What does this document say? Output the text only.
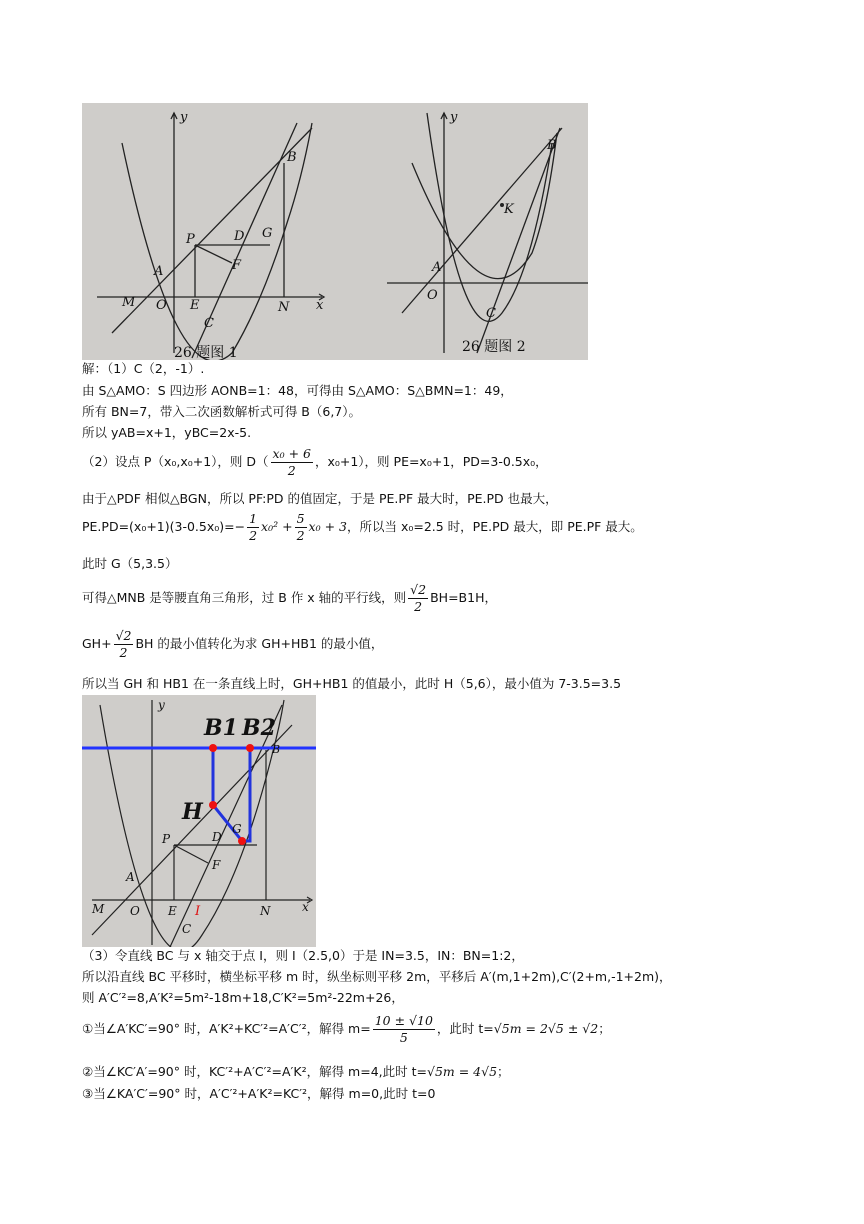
B
P	D G
F
A
M O E	N
C
x
y
B
K
A
O
C
y
26 题图 1	26 题图 2
解：（1）C（2，-1）.
由 S△AMO：S 四边形 AONB=1：48，可得由 S△AMO：S△BMN=1：49，
所有 BN=7，带入二次函数解析式可得 B（6,7）。
所以 yAB=x+1，yBC=2x-5.
（2）设点 P（x₀,x₀+1），则 $D( \frac{\text{x₀ + 6}}{2}$ ，x₀+1），则 PE=x₀+1，PD=3-0.5x₀，
由于△PDF 相似△BGN，所以 PF:PD 的值固定，于是 PE.PF 最大时，PE.PD 也最大，
$PE.PD=(x_0+1)(3-0.5x_0)=- \frac{1}{2} x_0^2 + \frac{5}{2} x_0 + 3$，所以当 x₀=2.5 时，PE.PD 最大，即 PE.PF 最大。
此时 G（5,3.5）
可得△MNB 是等腰直角三角形，过 B 作 x 轴的平行线，则 $\frac{√2}{2} BH=B1H$，
$GH+ \frac{√2}{2}$ BH 的最小值转化为求 GH+HB1 的最小值，
所以当 GH 和 HB1 在一条直线上时，GH+HB1 的值最小，此时 H（5,6），最小值为 7-3.5=3.5
B1 B2
B
H
P	D
G
F
A
M O E I	N
C
x
y
（3）令直线 BC 与 x 轴交于点 I，则 I（2.5,0）于是 IN=3.5，IN：BN=1:2，
所以沿直线 BC 平移时，横坐标平移 m 时，纵坐标则平移 2m，平移后 A′(m,1+2m),C′(2+m,-1+2m)，
则 A′C′²=8,A′K²=5m²-18m+18,C′K²=5m²-22m+26，
①当∠A′KC′=90° 时，A′K²+KC′²=A′C′²，解得 $m= \frac{10 \pm √10}{5}$ ，此时 t=√5m = 2√5 ± √2；
②当∠KC′A′=90° 时，KC′²+A′C′²=A′K²，解得 m=4,此时 t=√5m = 4√5；
③当∠KA′C′=90° 时，A′C′²+A′K²=KC′²，解得 m=0,此时 t=0
